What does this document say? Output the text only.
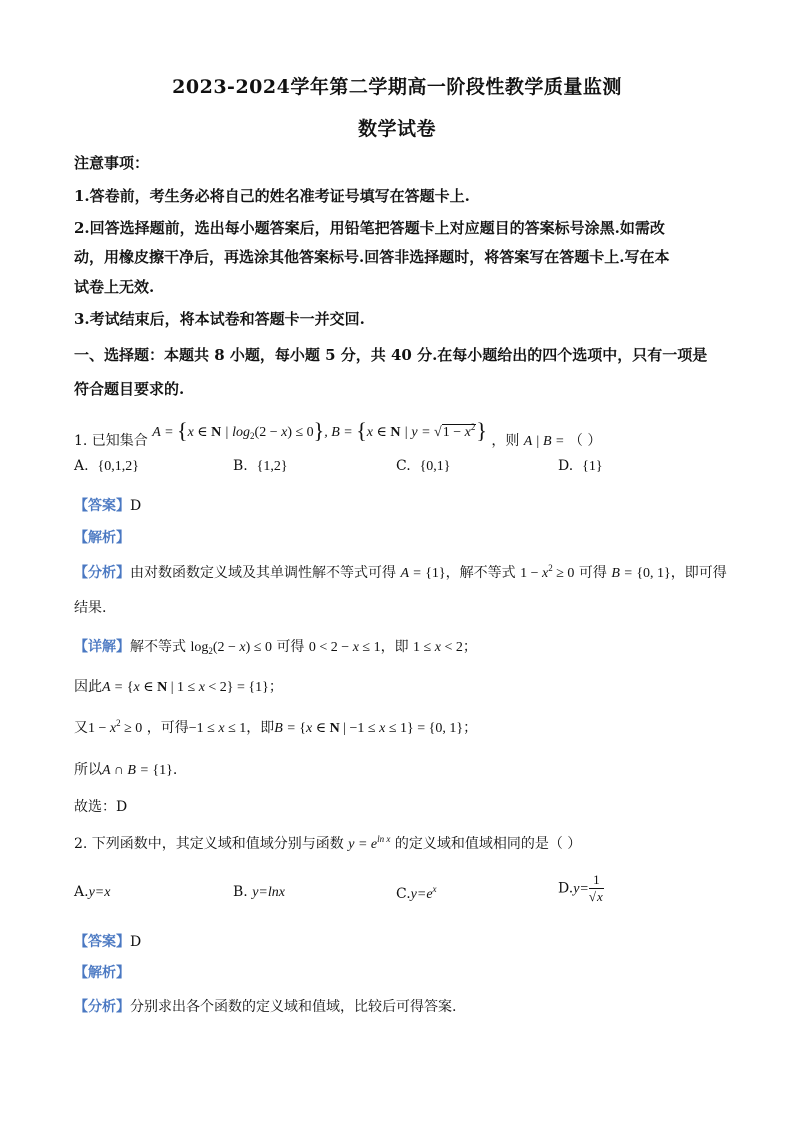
2023-2024学年第二学期高一阶段性教学质量监测
数学试卷
注意事项：
1.答卷前，考生务必将自己的姓名准考证号填写在答题卡上.
2.回答选择题前，选出每小题答案后，用铅笔把答题卡上对应题目的答案标号涂黑.如需改
动，用橡皮擦干净后，再选涂其他答案标号.回答非选择题时，将答案写在答题卡上.写在本
试卷上无效.
3.考试结束后，将本试卷和答题卡一并交回.
一、选择题：本题共 8 小题，每小题 5 分，共 40 分.在每小题给出的四个选项中，只有一项是
符合题目要求的.
1. 已知集合 A = {x ∈ N | $\log_2(2 - x) \le 0$}, B = {x ∈ N | $y = √1 - x^2$} ，则 A | B = （ ）
A. {0,1,2}	B. {1,2}	C. {0,1}	D. {1}
【答案】D
【解析】
【分析】由对数函数定义域及其单调性解不等式可得 A = {1}，解不等式 $1 - x^2 \ge 0$ 可得 B = {0, 1}，即可得
结果.
【详解】解不等式 $\log_2(2 - x) \le 0$ 可得 0 < 2 − x ≤ 1，即 1 ≤ x < 2；
因此A = {x ∈ N | 1 ≤ x < 2} = {1}；
又$1 - x^2 \ge 0$ ，可得−1 ≤ x ≤ 1，即B = {x ∈ N | −1 ≤ x ≤ 1} = {0, 1}；
所以A ∩ B = {1}.
故选：D
2. 下列函数中，其定义域和值域分别与函数 $y = e^{ln x}$ 的定义域和值域相同的是（ ）
A.y=x	B. y=lnx	$C.y=e^x$	$D.y= \frac{1}{√x}$
【答案】D
【解析】
【分析】分别求出各个函数的定义域和值域，比较后可得答案.
